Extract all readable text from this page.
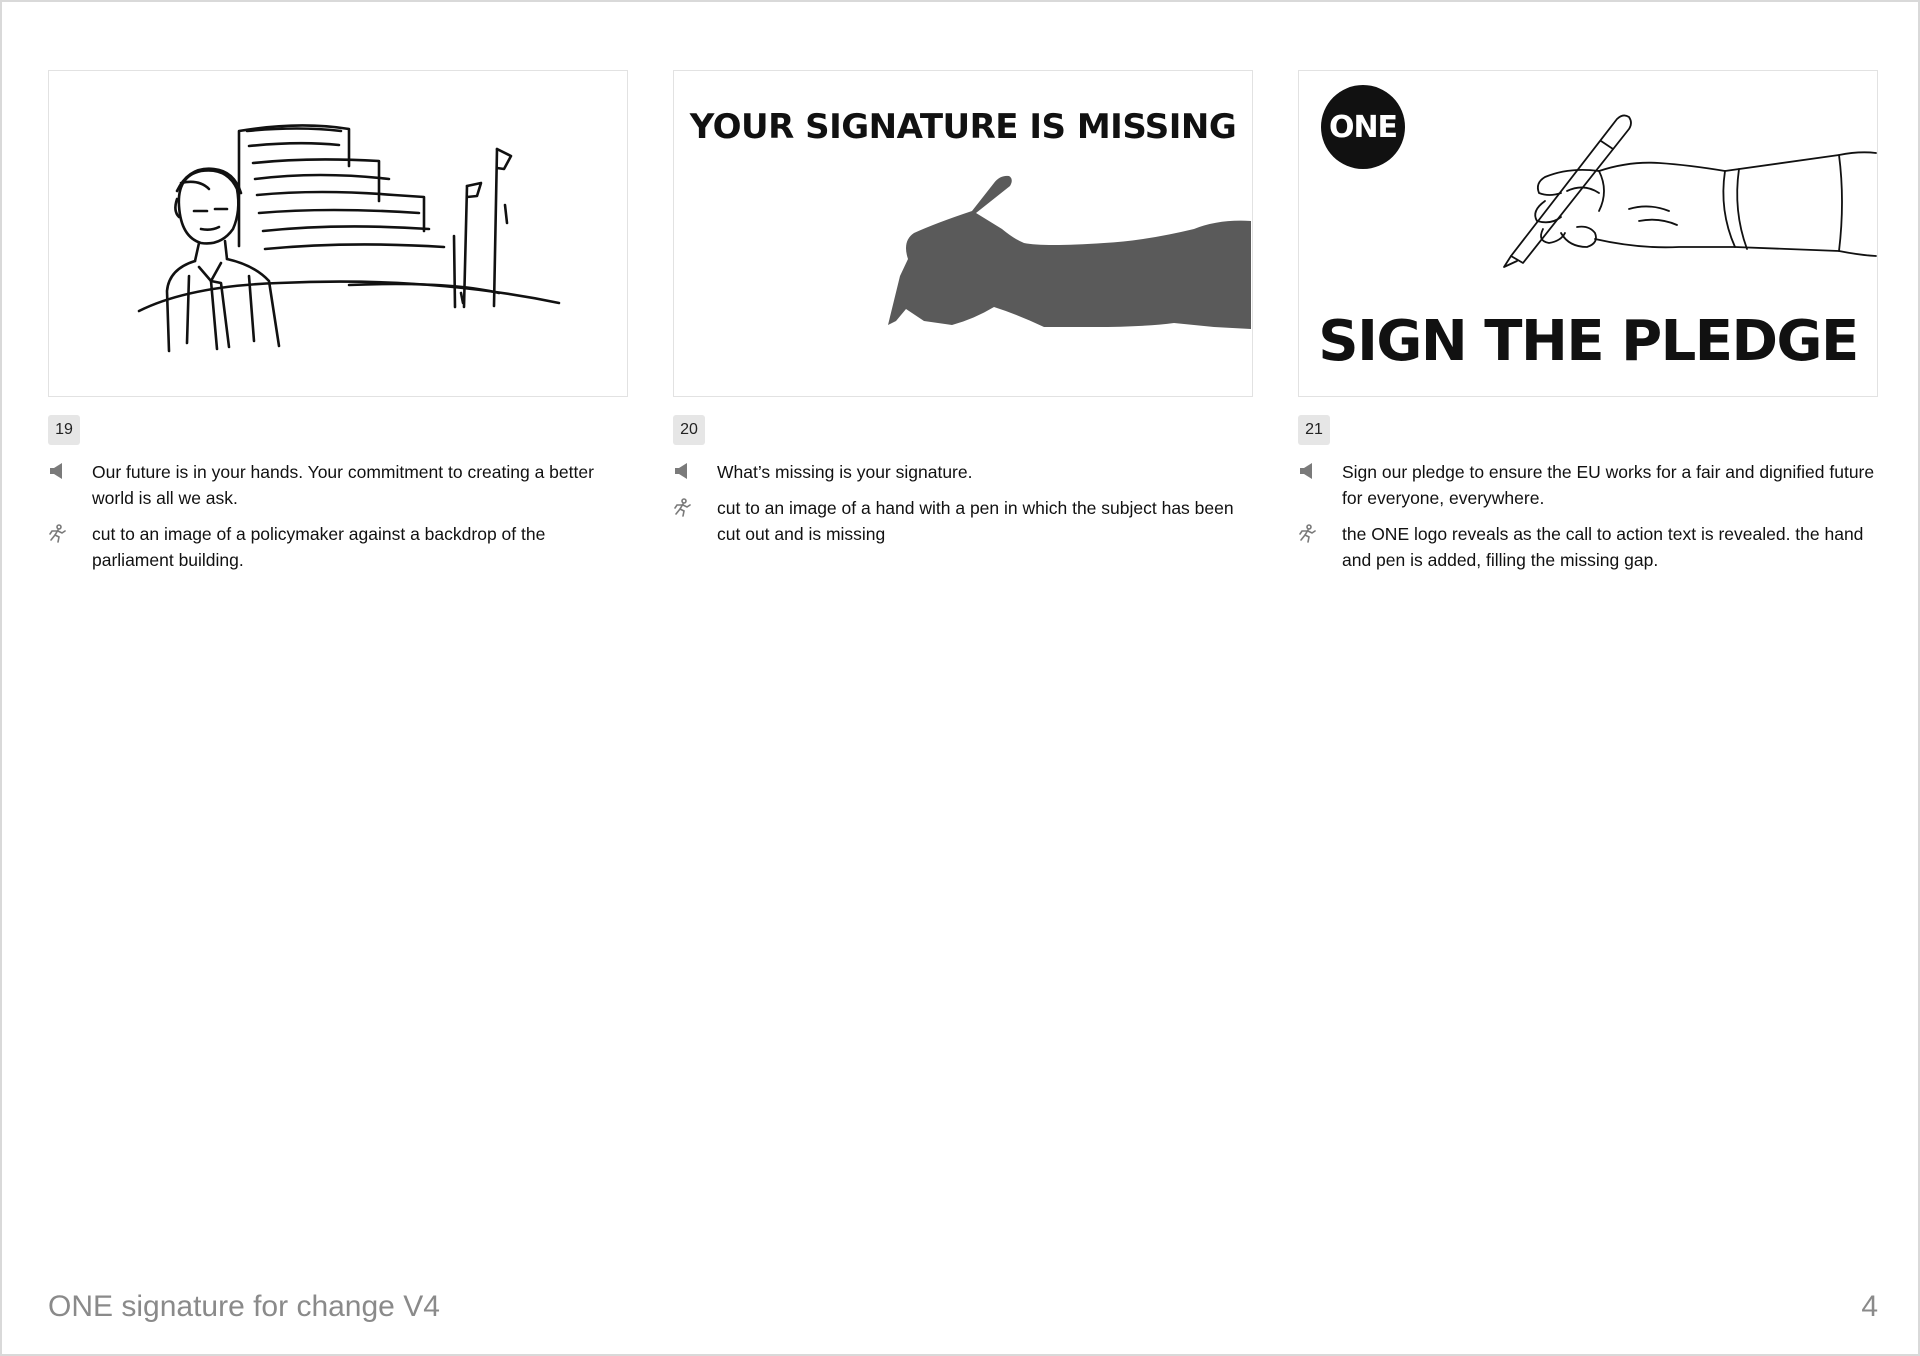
19
Our future is in your hands. Your commitment to creating a better world is all we ask.
cut to an image of a policymaker against a backdrop of the parliament building.
YOUR SIGNATURE IS MISSING
20
What’s missing is your signature.
cut to an image of a hand with a pen in which the subject has been cut out and is missing
ONE
SIGN THE PLEDGE
21
Sign our pledge to ensure the EU works for a fair and dignified future for everyone, everywhere.
the ONE logo reveals as the call to action text is revealed. the hand and pen is added, filling the missing gap.
ONE signature for change V4	4
